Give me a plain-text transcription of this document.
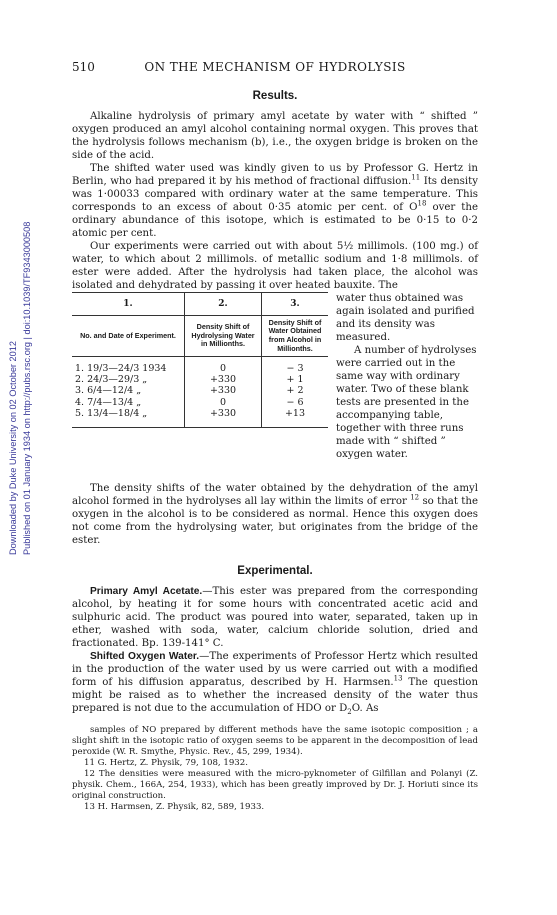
Downloaded by Duke University on 02 October 2012 Published on 01 January 1934 on http://pubs.rsc.org | doi:10.1039/TF9343000508
510	ON THE MECHANISM OF HYDROLYSIS
Results.

Alkaline hydrolysis of primary amyl acetate by water with “ shifted ” oxygen produced an amyl alcohol containing normal oxygen. This proves that the hydrolysis follows mechanism (b), i.e., the oxygen bridge is broken on the side of the acid.

The shifted water used was kindly given to us by Professor G. Hertz in Berlin, who had prepared it by his method of fractional diffusion.$^{11}$ Its density was 1·00033 compared with ordinary water at the same temperature. This corresponds to an excess of about 0·35 atomic per cent. of $O^{18}$ over the ordinary abundance of this isotope, which is estimated to be 0·15 to 0·2 atomic per cent.

Our experiments were carried out with about 5½ millimols. (100 mg.) of water, to which about 2 millimols. of metallic sodium and 1·8 millimols. of ester were added. After the hydrolysis had taken place, the alcohol was isolated and dehydrated by passing it over heated bauxite. The

1.	2.	3.
No. and Date of Experiment.	Density Shift of Hydrolysing Water in Millionths.	Density Shift of Water Obtained from Alcohol in Millionths.

1. 19/3—24/3 1934	0	− 3
2. 24/3—29/3 „	+330	+ 1
3. 6/4—12/4 „	+330	+ 2
4. 7/4—13/4 „	0	− 6
5. 13/4—18/4 „	+330	+13

water thus obtained was again isolated and purified and its density was measured.

A number of hydrolyses were carried out in the same way with ordinary water. Two of these blank tests are presented in the accompanying table, together with three runs made with “ shifted ” oxygen water.

The density shifts of the water obtained by the dehydration of the amyl alcohol formed in the hydrolyses all lay within the limits of error $^{12}$ so that the oxygen in the alcohol is to be considered as normal. Hence this oxygen does not come from the hydrolysing water, but originates from the bridge of the ester.

Experimental.

Primary Amyl Acetate.—This ester was prepared from the corresponding alcohol, by heating it for some hours with concentrated acetic acid and sulphuric acid. The product was poured into water, separated, taken up in ether, washed with soda, water, calcium chloride solution, dried and fractionated. Bp. 139-141° C.

Shifted Oxygen Water.—The experiments of Professor Hertz which resulted in the production of the water used by us were carried out with a modified form of his diffusion apparatus, described by H. Harmsen.$^{13}$ The question might be raised as to whether the increased density of the water thus prepared is not due to the accumulation of HDO or $D_2O$. As

samples of NO prepared by different methods have the same isotopic composition ; a slight shift in the isotopic ratio of oxygen seems to be apparent in the decomposition of lead peroxide (W. R. Smythe, Physic. Rev., 45, 299, 1934).

11 G. Hertz, Z. Physik, 79, 108, 1932.

12 The densities were measured with the micro-pyknometer of Gilfillan and Polanyi (Z. physik. Chem., 166A, 254, 1933), which has been greatly improved by Dr. J. Horiuti since its original construction.

13 H. Harmsen, Z. Physik, 82, 589, 1933.
